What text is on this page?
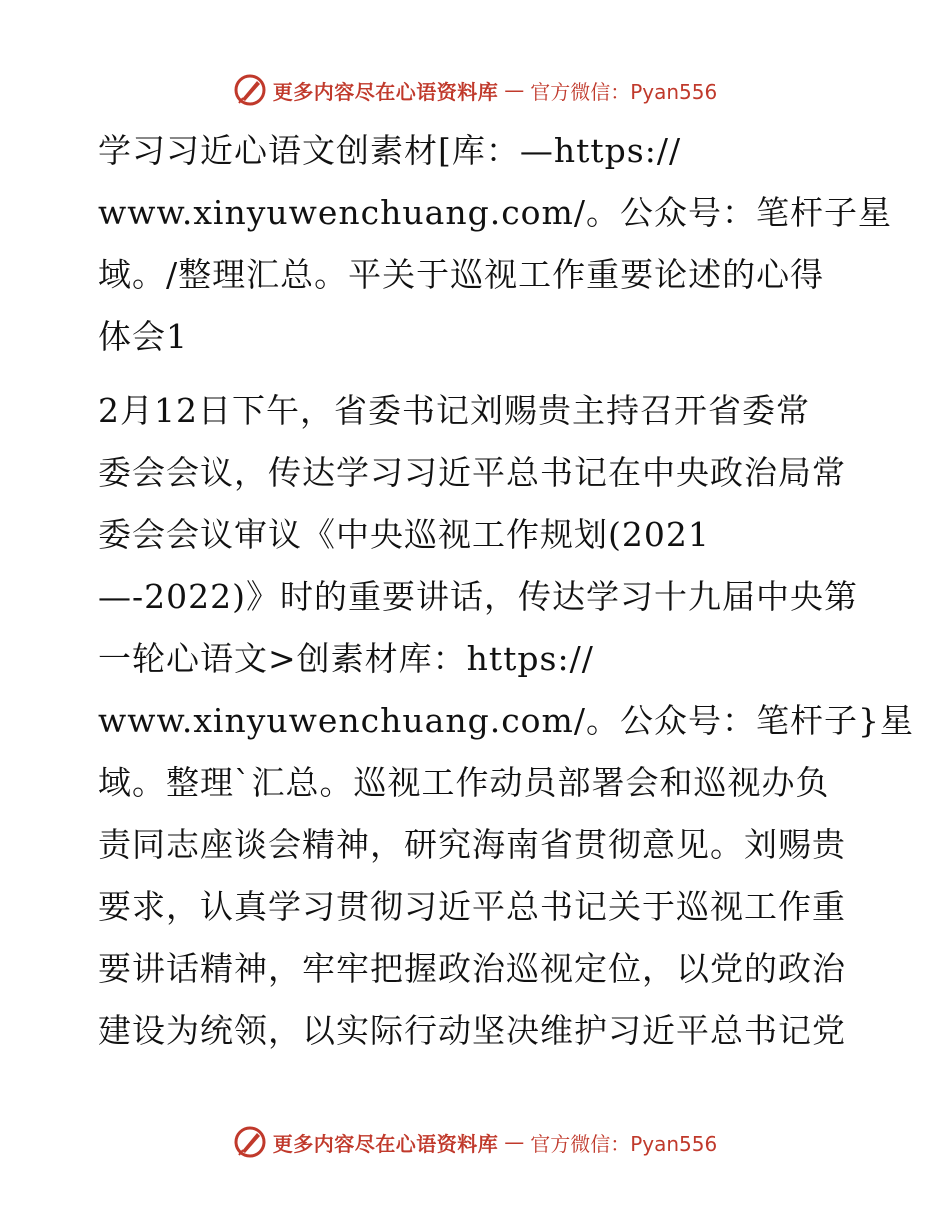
更多内容尽在心语资料库 — 官方微信：Pyan556
学习习近心语文创素材[库：—https://
www.xinyuwenchuang.com/。公众号：笔杆子星
域。/整理汇总。平关于巡视工作重要论述的心得
体会1
2月12日下午，省委书记刘赐贵主持召开省委常
委会会议，传达学习习近平总书记在中央政治局常
委会会议审议《中央巡视工作规划(2021
—-2022)》时的重要讲话，传达学习十九届中央第
一轮心语文>创素材库：https://
www.xinyuwenchuang.com/。公众号：笔杆子}星
域。整理`汇总。巡视工作动员部署会和巡视办负
责同志座谈会精神，研究海南省贯彻意见。刘赐贵
要求，认真学习贯彻习近平总书记关于巡视工作重
要讲话精神，牢牢把握政治巡视定位，以党的政治
建设为统领，以实际行动坚决维护习近平总书记党
更多内容尽在心语资料库 — 官方微信：Pyan556
